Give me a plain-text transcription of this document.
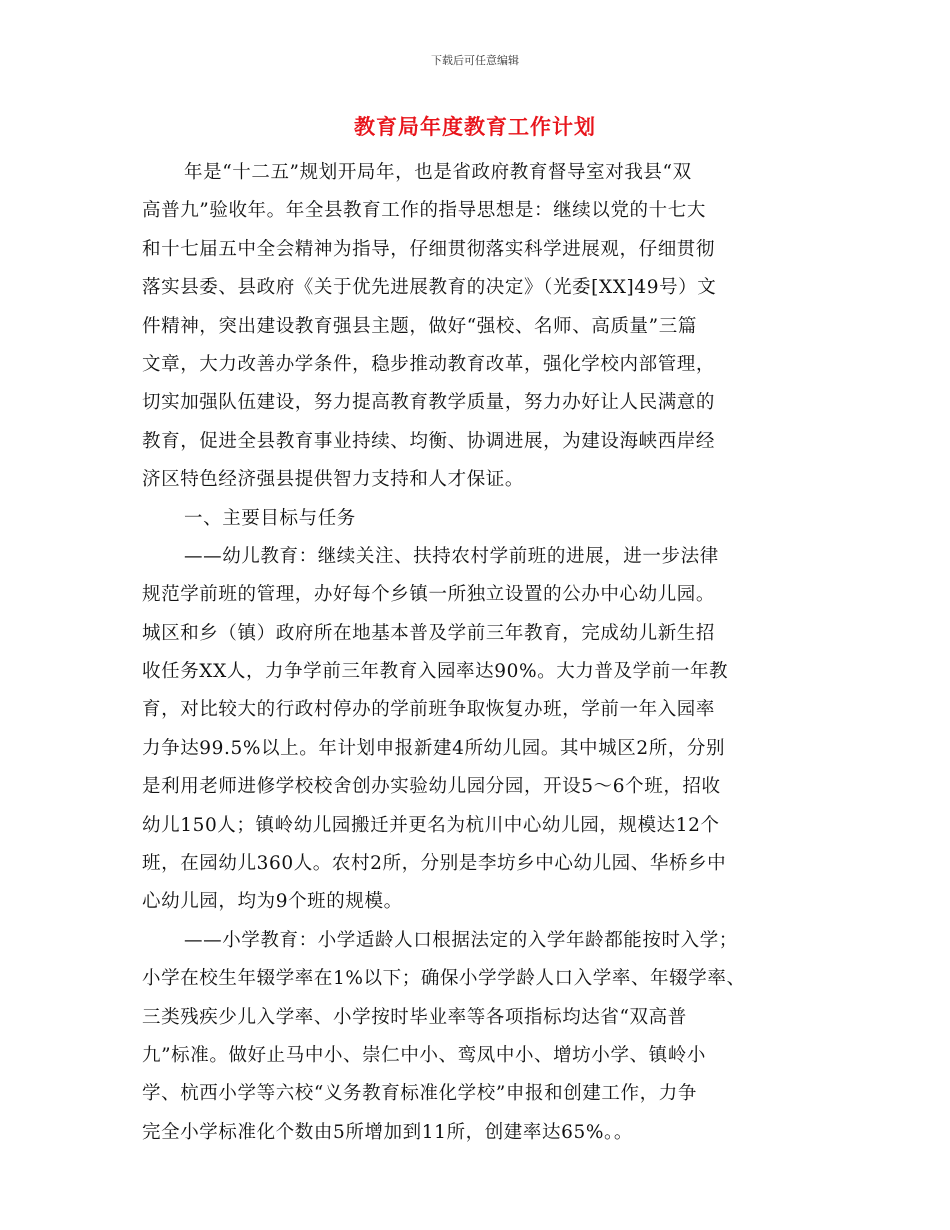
下载后可任意编辑
教育局年度教育工作计划
年是“十二五”规划开局年，也是省政府教育督导室对我县“双
高普九”验收年。年全县教育工作的指导思想是：继续以党的十七大
和十七届五中全会精神为指导，仔细贯彻落实科学进展观，仔细贯彻
落实县委、县政府《关于优先进展教育的决定》（光委[XX]49号）文
件精神，突出建设教育强县主题，做好“强校、名师、高质量”三篇
文章，大力改善办学条件，稳步推动教育改革，强化学校内部管理，
切实加强队伍建设，努力提高教育教学质量，努力办好让人民满意的
教育，促进全县教育事业持续、均衡、协调进展，为建设海峡西岸经
济区特色经济强县提供智力支持和人才保证。
一、主要目标与任务
——幼儿教育：继续关注、扶持农村学前班的进展，进一步法律
规范学前班的管理，办好每个乡镇一所独立设置的公办中心幼儿园。
城区和乡（镇）政府所在地基本普及学前三年教育，完成幼儿新生招
收任务XX人，力争学前三年教育入园率达90%。大力普及学前一年教
育，对比较大的行政村停办的学前班争取恢复办班，学前一年入园率
力争达99.5%以上。年计划申报新建4所幼儿园。其中城区2所，分别
是利用老师进修学校校舍创办实验幼儿园分园，开设5～6个班，招收
幼儿150人；镇岭幼儿园搬迁并更名为杭川中心幼儿园，规模达12个
班，在园幼儿360人。农村2所，分别是李坊乡中心幼儿园、华桥乡中
心幼儿园，均为9个班的规模。
——小学教育：小学适龄人口根据法定的入学年龄都能按时入学；
小学在校生年辍学率在1%以下；确保小学学龄人口入学率、年辍学率、
三类残疾少儿入学率、小学按时毕业率等各项指标均达省“双高普
九”标准。做好止马中小、崇仁中小、鸾凤中小、增坊小学、镇岭小
学、杭西小学等六校“义务教育标准化学校”申报和创建工作，力争
完全小学标准化个数由5所增加到11所，创建率达65%。。
